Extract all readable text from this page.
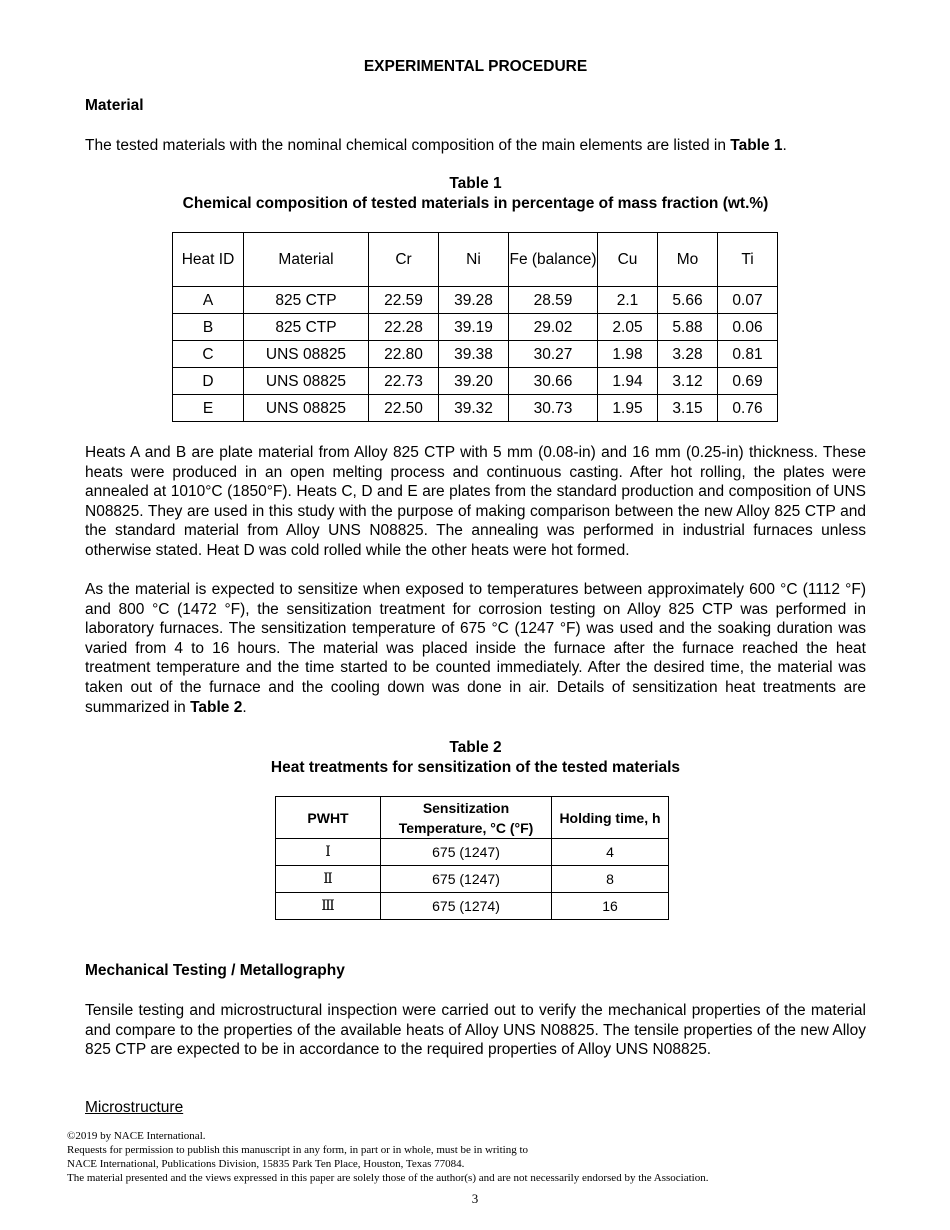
EXPERIMENTAL PROCEDURE
Material
The tested materials with the nominal chemical composition of the main elements are listed in Table 1.
Table 1
Chemical composition of tested materials in percentage of mass fraction (wt.%)
Heat ID	Material	Cr	Ni	Fe (balance)	Cu	Mo	Ti
A	825 CTP	22.59	39.28	28.59	2.1	5.66	0.07
B	825 CTP	22.28	39.19	29.02	2.05	5.88	0.06
C	UNS 08825	22.80	39.38	30.27	1.98	3.28	0.81
D	UNS 08825	22.73	39.20	30.66	1.94	3.12	0.69
E	UNS 08825	22.50	39.32	30.73	1.95	3.15	0.76
Heats A and B are plate material from Alloy 825 CTP with 5 mm (0.08-in) and 16 mm (0.25-in) thickness. These heats were produced in an open melting process and continuous casting. After hot rolling, the plates were annealed at 1010°C (1850°F). Heats C, D and E are plates from the standard production and composition of UNS N08825. They are used in this study with the purpose of making comparison between the new Alloy 825 CTP and the standard material from Alloy UNS N08825. The annealing was performed in industrial furnaces unless otherwise stated. Heat D was cold rolled while the other heats were hot formed.
As the material is expected to sensitize when exposed to temperatures between approximately 600 °C (1112 °F) and 800 °C (1472 °F), the sensitization treatment for corrosion testing on Alloy 825 CTP was performed in laboratory furnaces. The sensitization temperature of 675 °C (1247 °F) was used and the soaking duration was varied from 4 to 16 hours. The material was placed inside the furnace after the furnace reached the heat treatment temperature and the time started to be counted immediately. After the desired time, the material was taken out of the furnace and the cooling down was done in air. Details of sensitization heat treatments are summarized in Table 2.
Table 2
Heat treatments for sensitization of the tested materials
PWHT	Sensitization Temperature, °C (°F)	Holding time, h
Ⅰ	675 (1247)	4
Ⅱ	675 (1247)	8
Ⅲ	675 (1274)	16
Mechanical Testing / Metallography
Tensile testing and microstructural inspection were carried out to verify the mechanical properties of the material and compare to the properties of the available heats of Alloy UNS N08825. The tensile properties of the new Alloy 825 CTP are expected to be in accordance to the required properties of Alloy UNS N08825.
Microstructure
©2019 by NACE International.
Requests for permission to publish this manuscript in any form, in part or in whole, must be in writing to
NACE International, Publications Division, 15835 Park Ten Place, Houston, Texas 77084.
The material presented and the views expressed in this paper are solely those of the author(s) and are not necessarily endorsed by the Association.
3
